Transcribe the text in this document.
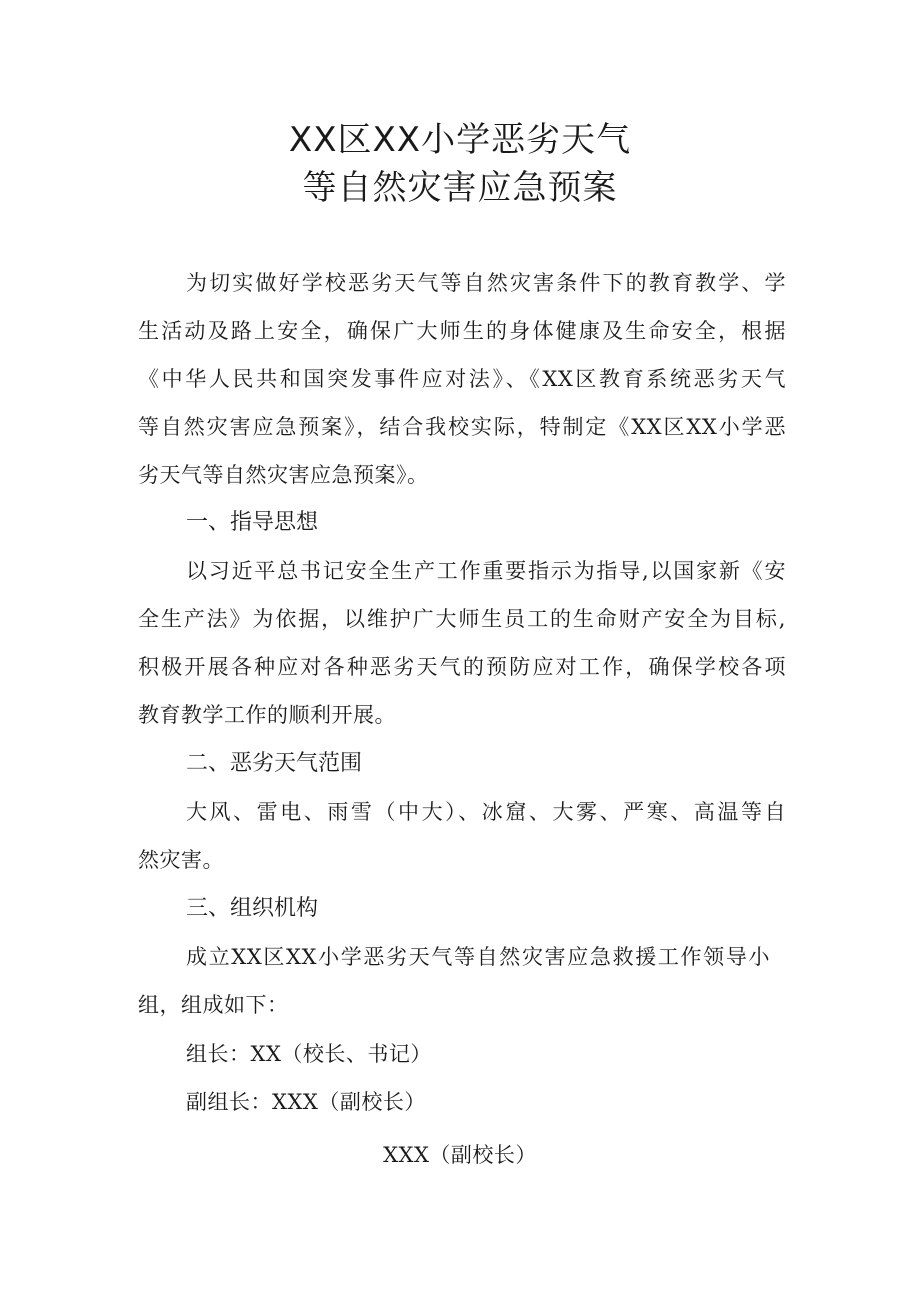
XX区XX小学恶劣天气
等自然灾害应急预案
为切实做好学校恶劣天气等自然灾害条件下的教育教学、学
生活动及路上安全，确保广大师生的身体健康及生命安全，根据
《中华人民共和国突发事件应对法》、《XX区教育系统恶劣天气
等自然灾害应急预案》，结合我校实际，特制定《XX区XX小学恶
劣天气等自然灾害应急预案》。
一、指导思想
以习近平总书记安全生产工作重要指示为指导,以国家新《安
全生产法》为依据，以维护广大师生员工的生命财产安全为目标,
积极开展各种应对各种恶劣天气的预防应对工作，确保学校各项
教育教学工作的顺利开展。
二、恶劣天气范围
大风、雷电、雨雪（中大）、冰窟、大雾、严寒、高温等自
然灾害。
三、组织机构
成立XX区XX小学恶劣天气等自然灾害应急救援工作领导小
组，组成如下：
组长：XX（校长、书记）
副组长：XXX（副校长）
XXX（副校长）
